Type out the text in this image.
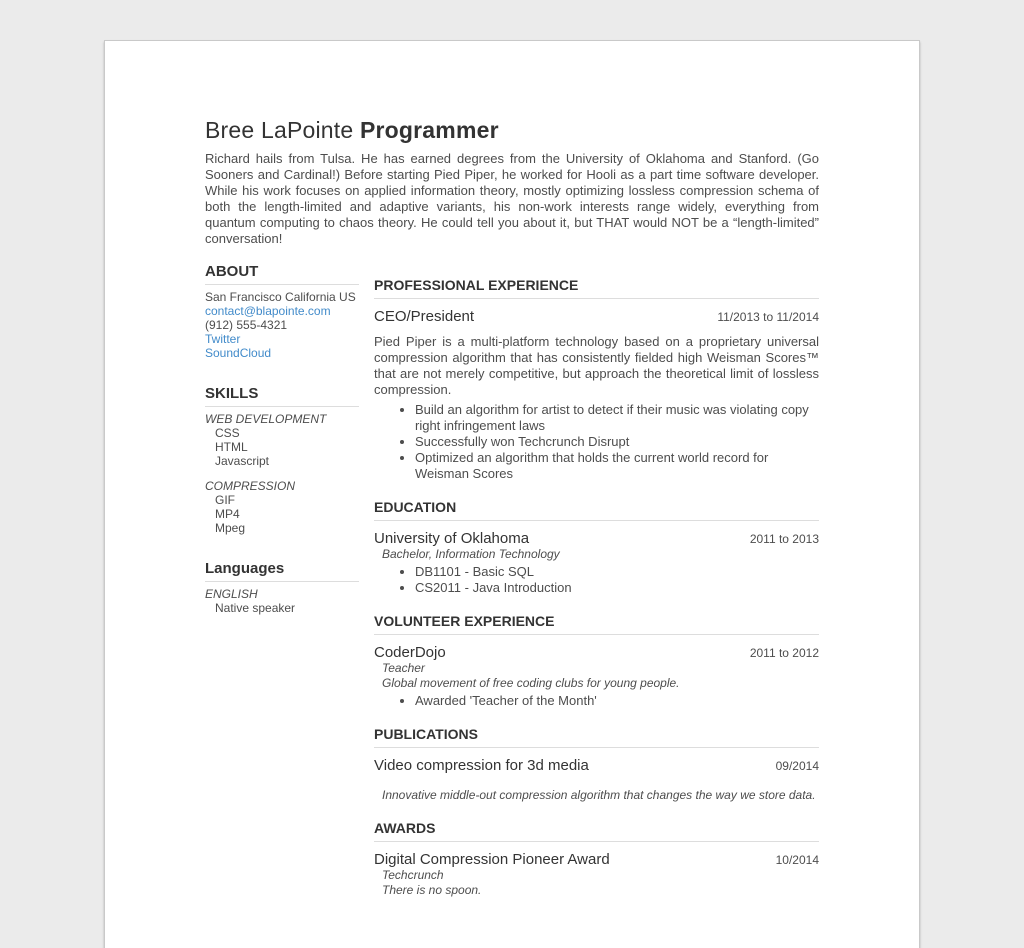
Bree LaPointe Programmer

Richard hails from Tulsa. He has earned degrees from the University of Oklahoma and Stanford. (Go Sooners and Cardinal!) Before starting Pied Piper, he worked for Hooli as a part time software developer. While his work focuses on applied information theory, mostly optimizing lossless compression schema of both the length-limited and adaptive variants, his non-work interests range widely, everything from quantum computing to chaos theory. He could tell you about it, but THAT would NOT be a “length-limited” conversation!

ABOUT
San Francisco California US
contact@blapointe.com
(912) 555-4321
Twitter
SoundCloud
SKILLS
WEB DEVELOPMENT
CSS
HTML
Javascript
COMPRESSION
GIF
MP4
Mpeg
Languages
ENGLISH
Native speaker
PROFESSIONAL EXPERIENCE
CEO/President	11/2013 to 11/2014

Pied Piper is a multi-platform technology based on a proprietary universal compression algorithm that has consistently fielded high Weisman Scores™ that are not merely competitive, but approach the theoretical limit of lossless compression.

• Build an algorithm for artist to detect if their music was violating copy right infringement laws
• Successfully won Techcrunch Disrupt
• Optimized an algorithm that holds the current world record for Weisman Scores
EDUCATION
University of Oklahoma	2011 to 2013
Bachelor, Information Technology
• DB1101 - Basic SQL
• CS2011 - Java Introduction
VOLUNTEER EXPERIENCE
CoderDojo	2011 to 2012
Teacher
Global movement of free coding clubs for young people.
• Awarded 'Teacher of the Month'
PUBLICATIONS
Video compression for 3d media	09/2014
Innovative middle-out compression algorithm that changes the way we store data.
AWARDS
Digital Compression Pioneer Award	10/2014
Techcrunch
There is no spoon.
